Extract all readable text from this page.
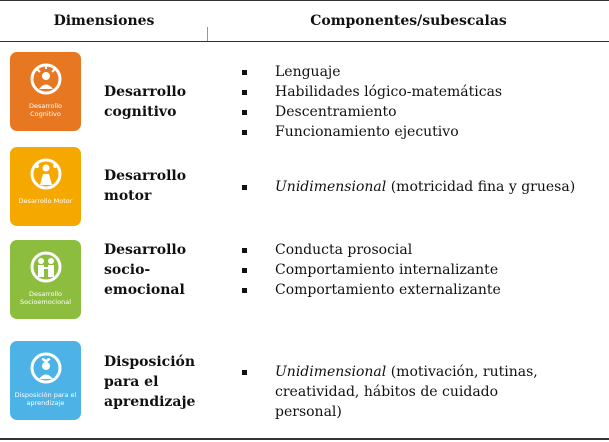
Dimensiones	Componentes/subescalas
Desarrollo Cognitivo
Desarrollo cognitivo
Lenguaje
Habilidades lógico-matemáticas
Descentramiento
Funcionamiento ejecutivo
Desarrollo Motor
Desarrollo motor
Unidimensional (motricidad fina y gruesa)
Desarrollo Socioemocional
Desarrollo socio-emocional
Conducta prosocial
Comportamiento internalizante
Comportamiento externalizante
Disposición para el aprendizaje
Disposición para el aprendizaje
Unidimensional (motivación, rutinas, creatividad, hábitos de cuidado personal)
